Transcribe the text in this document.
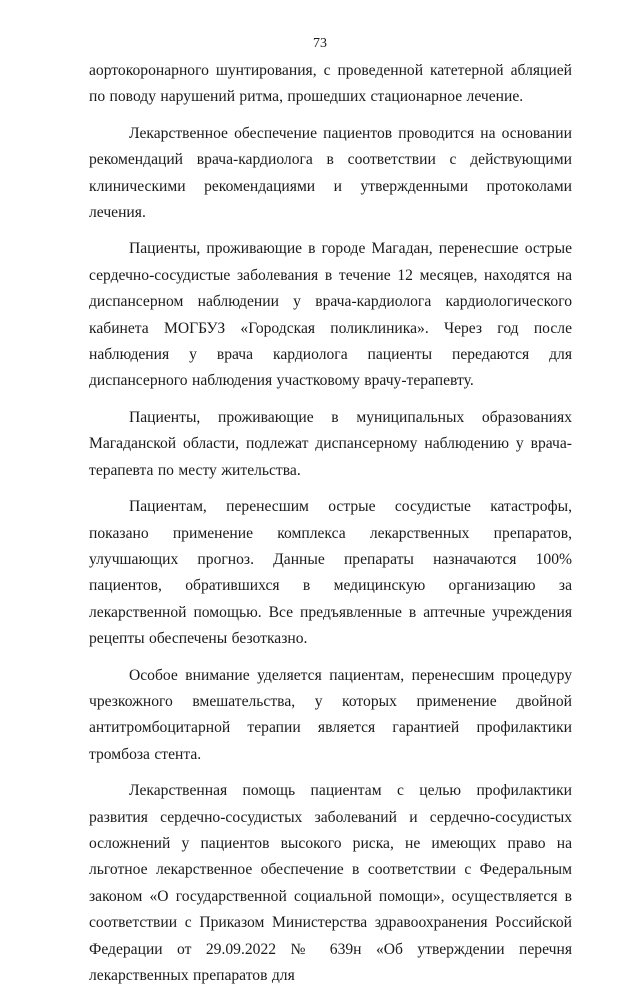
73

аортокоронарного шунтирования, с проведенной катетерной абляцией по поводу нарушений ритма, прошедших стационарное лечение.

Лекарственное обеспечение пациентов проводится на основании рекомендаций врача-кардиолога в соответствии с действующими клиническими рекомендациями и утвержденными протоколами лечения.

Пациенты, проживающие в городе Магадан, перенесшие острые сердечно-сосудистые заболевания в течение 12 месяцев, находятся на диспансерном наблюдении у врача-кардиолога кардиологического кабинета МОГБУЗ «Городская поликлиника». Через год после наблюдения у врача кардиолога пациенты передаются для диспансерного наблюдения участковому врачу-терапевту.

Пациенты, проживающие в муниципальных образованиях Магаданской области, подлежат диспансерному наблюдению у врача-терапевта по месту жительства.

Пациентам, перенесшим острые сосудистые катастрофы, показано применение комплекса лекарственных препаратов, улучшающих прогноз. Данные препараты назначаются 100% пациентов, обратившихся в медицинскую организацию за лекарственной помощью. Все предъявленные в аптечные учреждения рецепты обеспечены безотказно.

Особое внимание уделяется пациентам, перенесшим процедуру чрезкожного вмешательства, у которых применение двойной антитромбоцитарной терапии является гарантией профилактики тромбоза стента.

Лекарственная помощь пациентам с целью профилактики развития сердечно-сосудистых заболеваний и сердечно-сосудистых осложнений у пациентов высокого риска, не имеющих право на льготное лекарственное обеспечение в соответствии с Федеральным законом «О государственной социальной помощи», осуществляется в соответствии с Приказом Министерства здравоохранения Российской Федерации от 29.09.2022 № 639н «Об утверждении перечня лекарственных препаратов для
